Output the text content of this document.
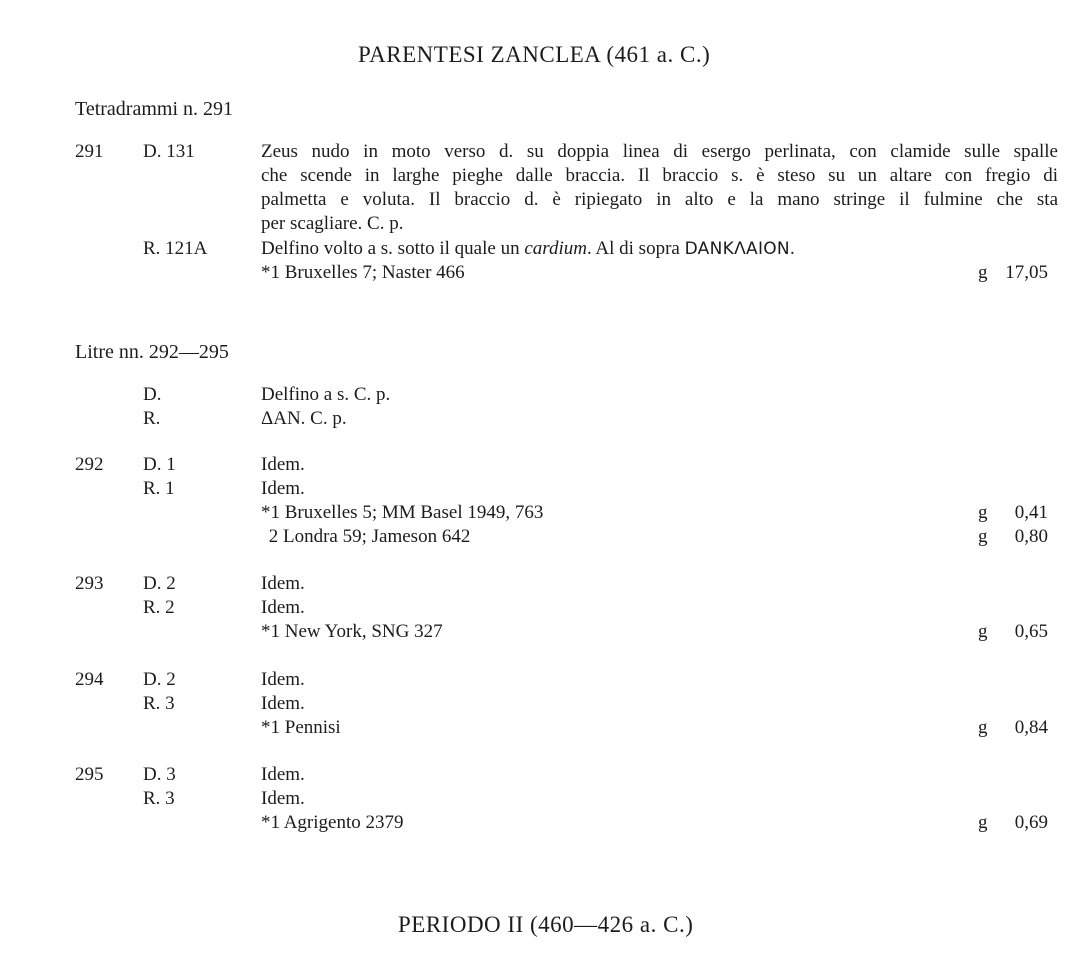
PARENTESI ZANCLEA (461 a. C.)
Tetradrammi n. 291
291 D. 131	Zeus nudo in moto verso d. su doppia linea di esergo perlinata, con clamide sulle spalle
che scende in larghe pieghe dalle braccia. Il braccio s. è steso su un altare con fregio di
palmetta e voluta. Il braccio d. è ripiegato in alto e la mano stringe il fulmine che sta
per scagliare. C. p.
R. 121A	Delfino volto a s. sotto il quale un cardium. Al di sopra DANKΛAION.
*1 Bruxelles 7; Naster 466	g 17,05
Litre nn. 292—295
D.	Delfino a s. C. p.
R.	ΔAN. C. p.
292 D. 1	Idem.
R. 1	Idem.
*1 Bruxelles 5; MM Basel 1949, 763	g	0,41
2 Londra 59; Jameson 642	g	0,80
293 D. 2	Idem.
R. 2	Idem.
*1 New York, SNG 327	g	0,65
294 D. 2	Idem.
R. 3	Idem.
*1 Pennisi	g	0,84
295 D. 3	Idem.
R. 3	Idem.
*1 Agrigento 2379	g	0,69
PERIODO II (460—426 a. C.)
